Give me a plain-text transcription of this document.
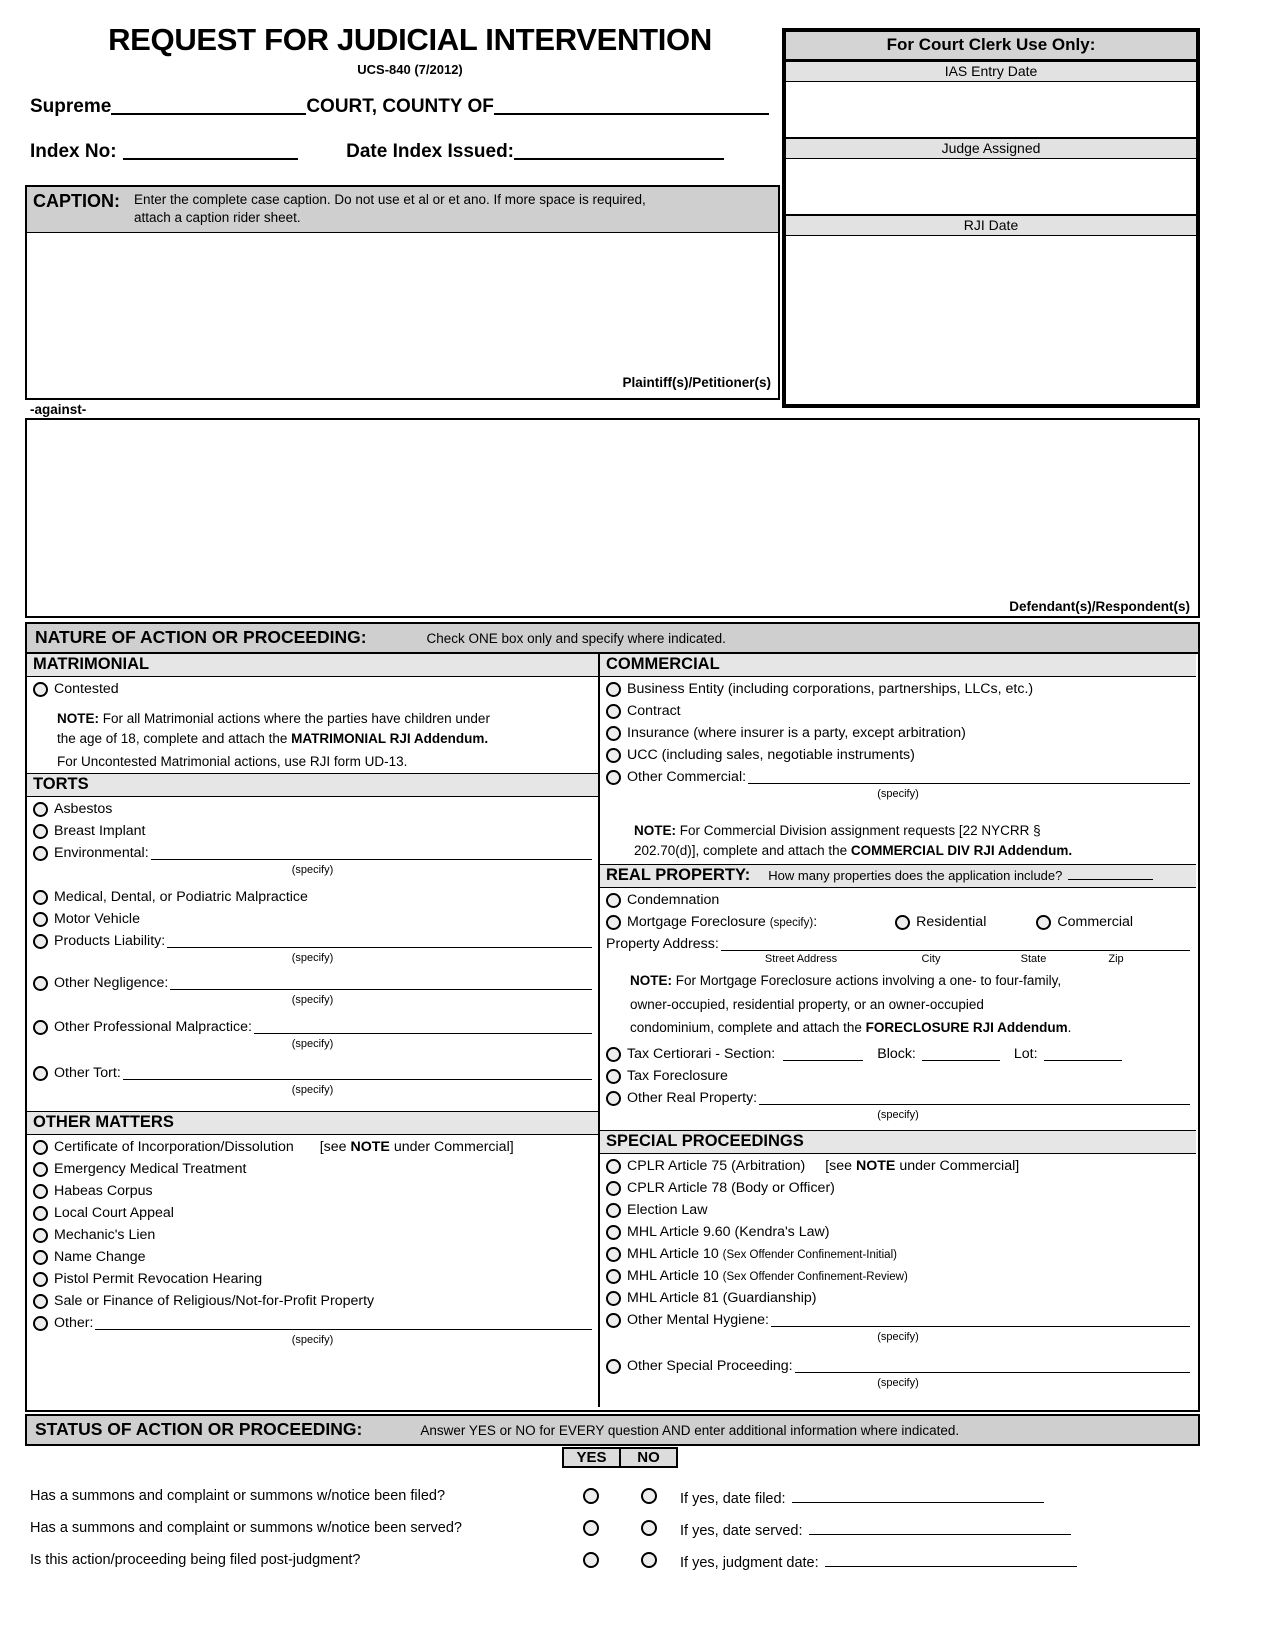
REQUEST FOR JUDICIAL INTERVENTION
UCS-840 (7/2012)
Supreme	COURT, COUNTY OF
Index No:	Date Index Issued:
For Court Clerk Use Only:
IAS Entry Date
Judge Assigned
RJI Date
CAPTION:	Enter the complete case caption. Do not use et al or et ano. If more space is required,
attach a caption rider sheet.
Plaintiff(s)/Petitioner(s)
-against-
Defendant(s)/Respondent(s)
NATURE OF ACTION OR PROCEEDING:	Check ONE box only and specify where indicated.
MATRIMONIAL
Contested
NOTE: For all Matrimonial actions where the parties have children under
the age of 18, complete and attach the MATRIMONIAL RJI Addendum.
For Uncontested Matrimonial actions, use RJI form UD-13.
TORTS
Asbestos
Breast Implant
Environmental:
(specify)
Medical, Dental, or Podiatric Malpractice
Motor Vehicle
Products Liability:
(specify)
Other Negligence:
(specify)
Other Professional Malpractice:
(specify)
Other Tort:
(specify)
OTHER MATTERS
Certificate of Incorporation/Dissolution [see NOTE under Commercial]
Emergency Medical Treatment
Habeas Corpus
Local Court Appeal
Mechanic's Lien
Name Change
Pistol Permit Revocation Hearing
Sale or Finance of Religious/Not-for-Profit Property
Other:
(specify)
COMMERCIAL
Business Entity (including corporations, partnerships, LLCs, etc.)
Contract
Insurance (where insurer is a party, except arbitration)
UCC (including sales, negotiable instruments)
Other Commercial:
(specify)
NOTE: For Commercial Division assignment requests [22 NYCRR §
202.70(d)], complete and attach the COMMERCIAL DIV RJI Addendum.
REAL PROPERTY: How many properties does the application include?
Condemnation
Mortgage Foreclosure (specify):	Residential	Commercial
Property Address:
Street Address	City	State	Zip
NOTE: For Mortgage Foreclosure actions involving a one- to four-family,
owner-occupied, residential property, or an owner-occupied
condominium, complete and attach the FORECLOSURE RJI Addendum.
Tax Certiorari - Section:	Block:	Lot:
Tax Foreclosure
Other Real Property:
(specify)
SPECIAL PROCEEDINGS
CPLR Article 75 (Arbitration) [see NOTE under Commercial]
CPLR Article 78 (Body or Officer)
Election Law
MHL Article 9.60 (Kendra's Law)
MHL Article 10 (Sex Offender Confinement-Initial)
MHL Article 10 (Sex Offender Confinement-Review)
MHL Article 81 (Guardianship)
Other Mental Hygiene:
(specify)
Other Special Proceeding:
(specify)
STATUS OF ACTION OR PROCEEDING:	Answer YES or NO for EVERY question AND enter additional information where indicated.
YES	NO
Has a summons and complaint or summons w/notice been filed?	If yes, date filed:
Has a summons and complaint or summons w/notice been served?	If yes, date served:
Is this action/proceeding being filed post-judgment?	If yes, judgment date:
